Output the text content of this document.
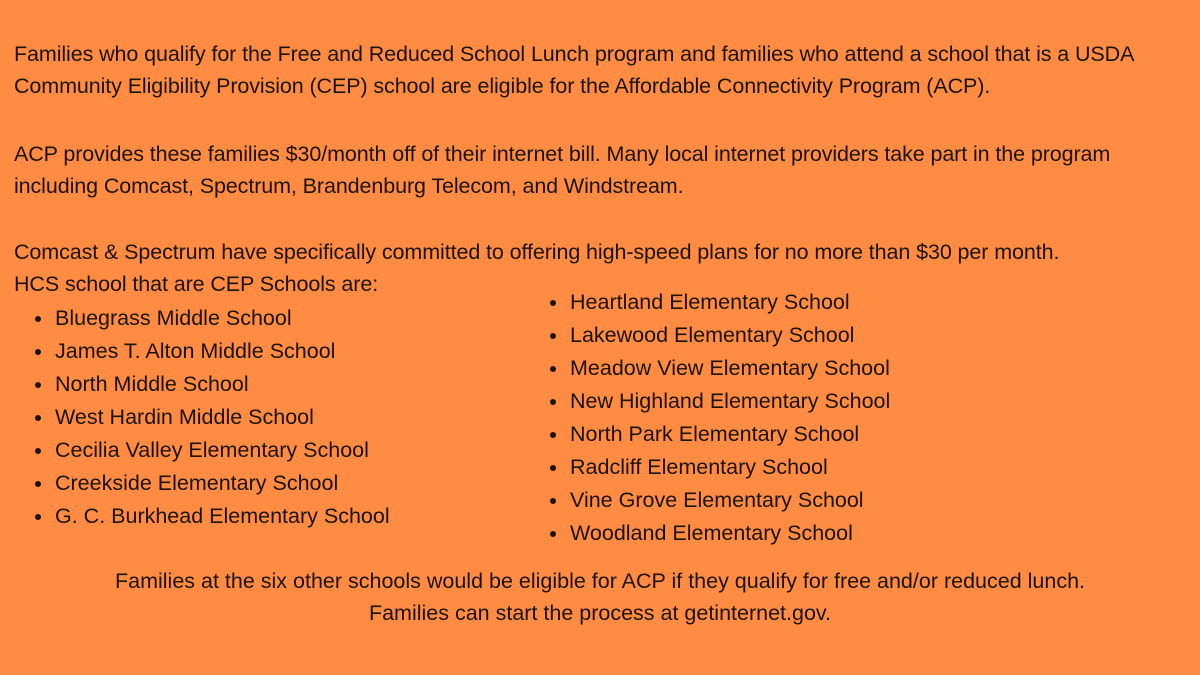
Families who qualify for the Free and Reduced School Lunch program and families who attend a school that is a USDA Community Eligibility Provision (CEP) school are eligible for the Affordable Connectivity Program (ACP).

ACP provides these families $30/month off of their internet bill. Many local internet providers take part in the program including Comcast, Spectrum, Brandenburg Telecom, and Windstream.

Comcast & Spectrum have specifically committed to offering high-speed plans for no more than $30 per month.
HCS school that are CEP Schools are:

Bluegrass Middle School
James T. Alton Middle School
North Middle School
West Hardin Middle School
Cecilia Valley Elementary School
Creekside Elementary School
G. C. Burkhead Elementary School
Heartland Elementary School
Lakewood Elementary School
Meadow View Elementary School
New Highland Elementary School
North Park Elementary School
Radcliff Elementary School
Vine Grove Elementary School
Woodland Elementary School

Families at the six other schools would be eligible for ACP if they qualify for free and/or reduced lunch.
Families can start the process at getinternet.gov.
